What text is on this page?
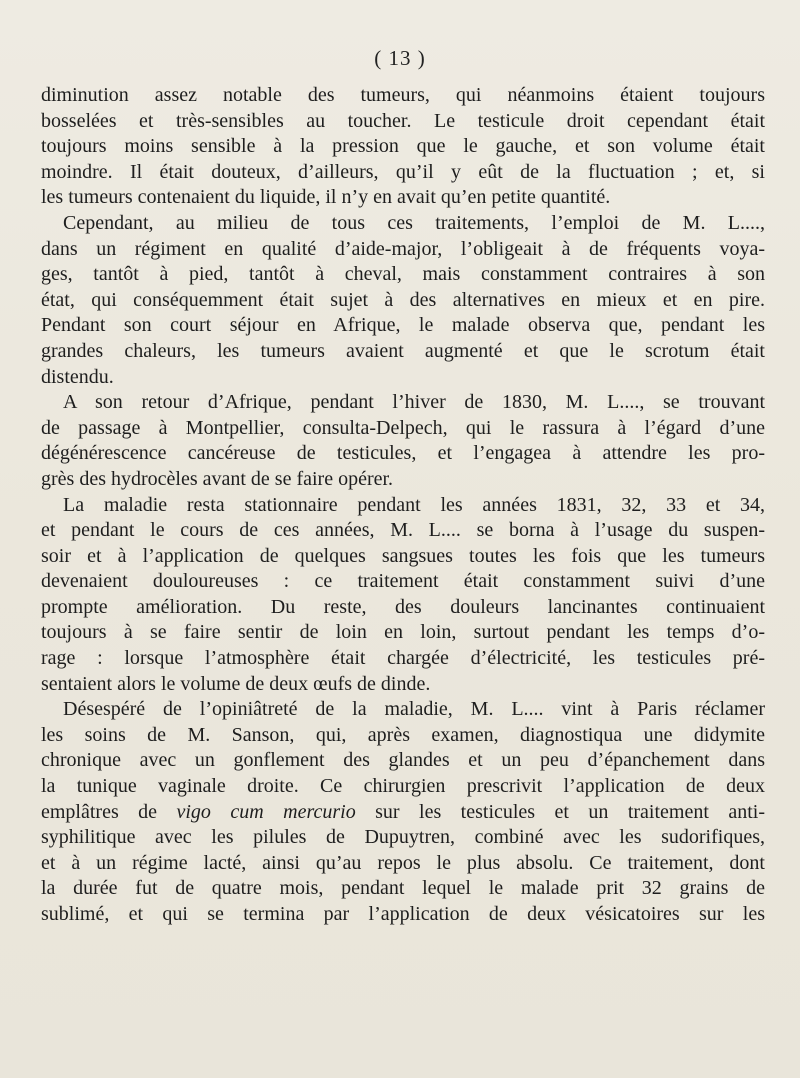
( 13 )
diminution assez notable des tumeurs, qui néanmoins étaient toujours
bosselées et très-sensibles au toucher. Le testicule droit cependant était
toujours moins sensible à la pression que le gauche, et son volume était
moindre. Il était douteux, d’ailleurs, qu’il y eût de la fluctuation ; et, si
les tumeurs contenaient du liquide, il n’y en avait qu’en petite quantité.
Cependant, au milieu de tous ces traitements, l’emploi de M. L....,
dans un régiment en qualité d’aide-major, l’obligeait à de fréquents voya-
ges, tantôt à pied, tantôt à cheval, mais constamment contraires à son
état, qui conséquemment était sujet à des alternatives en mieux et en pire.
Pendant son court séjour en Afrique, le malade observa que, pendant les
grandes chaleurs, les tumeurs avaient augmenté et que le scrotum était
distendu.
A son retour d’Afrique, pendant l’hiver de 1830, M. L...., se trouvant
de passage à Montpellier, consulta-Delpech, qui le rassura à l’égard d’une
dégénérescence cancéreuse de testicules, et l’engagea à attendre les pro-
grès des hydrocèles avant de se faire opérer.
La maladie resta stationnaire pendant les années 1831, 32, 33 et 34,
et pendant le cours de ces années, M. L.... se borna à l’usage du suspen-
soir et à l’application de quelques sangsues toutes les fois que les tumeurs
devenaient douloureuses : ce traitement était constamment suivi d’une
prompte amélioration. Du reste, des douleurs lancinantes continuaient
toujours à se faire sentir de loin en loin, surtout pendant les temps d’o-
rage : lorsque l’atmosphère était chargée d’électricité, les testicules pré-
sentaient alors le volume de deux œufs de dinde.
Désespéré de l’opiniâtreté de la maladie, M. L.... vint à Paris réclamer
les soins de M. Sanson, qui, après examen, diagnostiqua une didymite
chronique avec un gonflement des glandes et un peu d’épanchement dans
la tunique vaginale droite. Ce chirurgien prescrivit l’application de deux
emplâtres de vigo cum mercurio sur les testicules et un traitement anti-
syphilitique avec les pilules de Dupuytren, combiné avec les sudorifiques,
et à un régime lacté, ainsi qu’au repos le plus absolu. Ce traitement, dont
la durée fut de quatre mois, pendant lequel le malade prit 32 grains de
sublimé, et qui se termina par l’application de deux vésicatoires sur les
